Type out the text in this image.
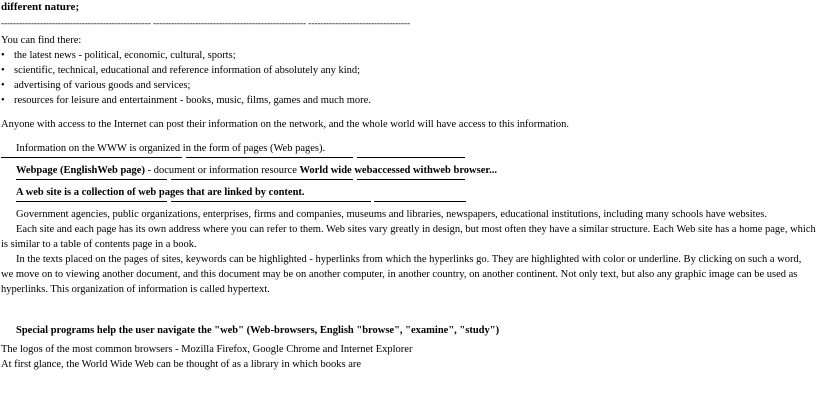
different nature;

-------------------------------------------------- --------------------------------------------------- ----------------------------------

You can find there:

• the latest news - political, economic, cultural, sports;
• scientific, technical, educational and reference information of absolutely any kind;
• advertising of various goods and services;
• resources for leisure and entertainment - books, music, films, games and much more.

Anyone with access to the Internet can post their information on the network, and the whole world will have access to this information.

Information on the WWW is organized in the form of pages (Web pages).

Webpage (EnglishWeb page) - document or information resource World wide webaccessed withweb browser...

A web site is a collection of web pages that are linked by content.

Government agencies, public organizations, enterprises, firms and companies, museums and libraries, newspapers, educational institutions, including many schools have websites.

Each site and each page has its own address where you can refer to them. Web sites vary greatly in design, but most often they have a similar structure. Each Web site has a home page, which is similar to a table of contents page in a book.

In the texts placed on the pages of sites, keywords can be highlighted - hyperlinks from which the hyperlinks go. They are highlighted with color or underline. By clicking on such a word, we move on to viewing another document, and this document may be on another computer, in another country, on another continent. Not only text, but also any graphic image can be used as hyperlinks. This organization of information is called hypertext.

Special programs help the user navigate the "web" (Web-browsers, English "browse", "examine", "study")

The logos of the most common browsers - Mozilla Firefox, Google Chrome and Internet Explorer

At first glance, the World Wide Web can be thought of as a library in which books are
